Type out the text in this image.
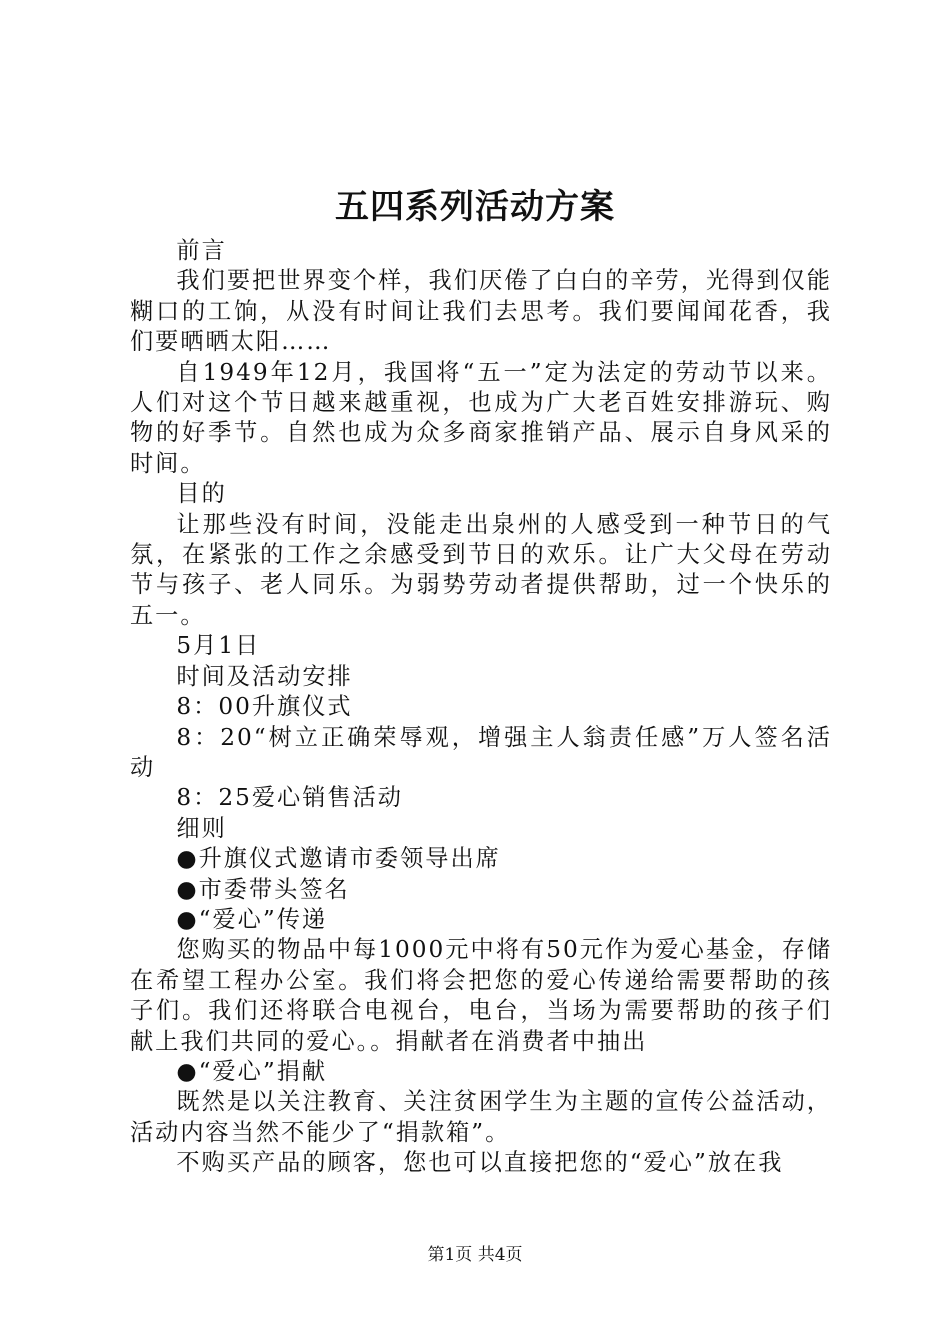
五四系列活动方案

前言

我们要把世界变个样，我们厌倦了白白的辛劳，光得到仅能糊口的工饷，从没有时间让我们去思考。我们要闻闻花香，我们要晒晒太阳……

自1949年12月，我国将“五一”定为法定的劳动节以来。人们对这个节日越来越重视，也成为广大老百姓安排游玩、购物的好季节。自然也成为众多商家推销产品、展示自身风采的时间。

目的

让那些没有时间，没能走出泉州的人感受到一种节日的气氛，在紧张的工作之余感受到节日的欢乐。让广大父母在劳动节与孩子、老人同乐。为弱势劳动者提供帮助，过一个快乐的五一。

5月1日

时间及活动安排

8：00升旗仪式

8：20“树立正确荣辱观，增强主人翁责任感”万人签名活动

8：25爱心销售活动

细则

●升旗仪式邀请市委领导出席

●市委带头签名

●“爱心”传递

您购买的物品中每1000元中将有50元作为爱心基金，存储在希望工程办公室。我们将会把您的爱心传递给需要帮助的孩子们。我们还将联合电视台，电台，当场为需要帮助的孩子们献上我们共同的爱心。。捐献者在消费者中抽出

●“爱心”捐献

既然是以关注教育、关注贫困学生为主题的宣传公益活动，活动内容当然不能少了“捐款箱”。

不购买产品的顾客，您也可以直接把您的“爱心”放在我

第1页 共4页
